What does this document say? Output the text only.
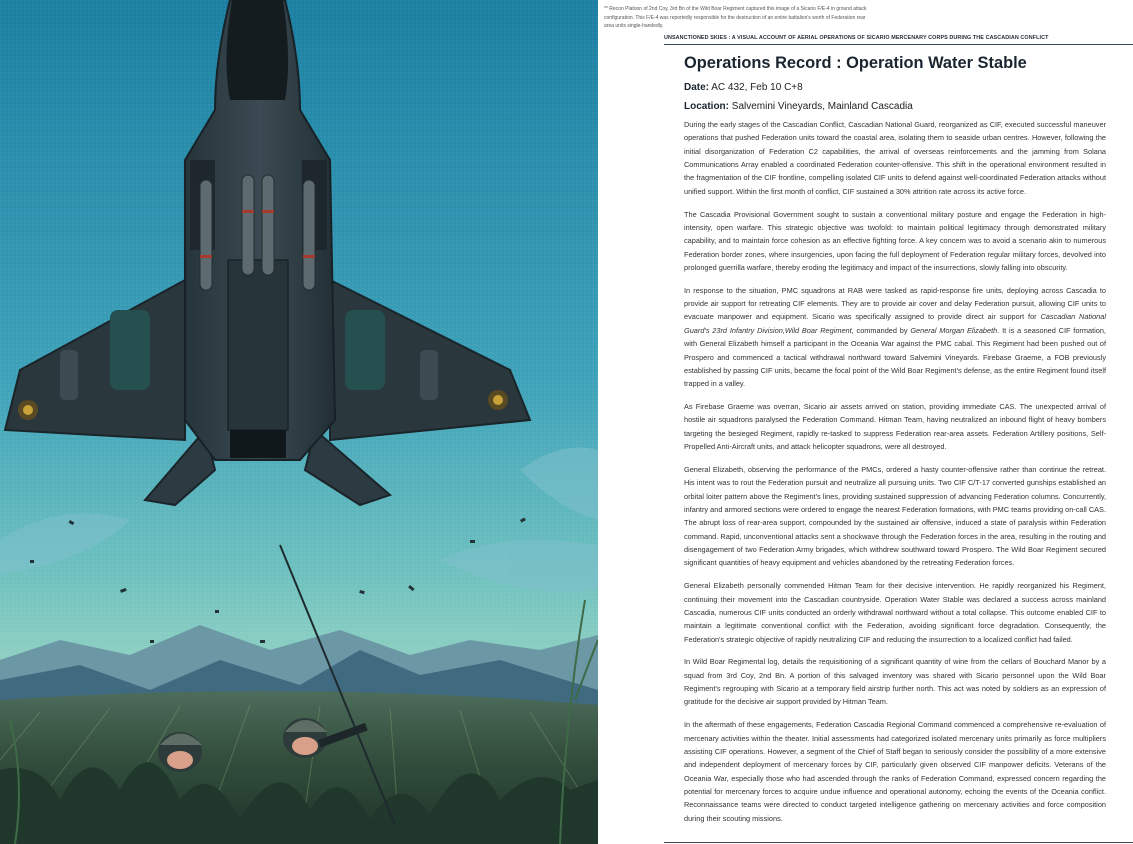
** Recon Platoon of 2nd Coy, 3rd Bn of the Wild Boar Regiment captured this image of a Sicario F/E-4 in ground attack configuration. This F/E-4 was reportedly responsible for the destruction of an entire battalion's worth of Federation rear area units single-handedly.
UNSANCTIONED SKIES : A VISUAL ACCOUNT OF AERIAL OPERATIONS OF SICARIO MERCENARY CORPS DURING THE CASCADIAN CONFLICT
Operations Record : Operation Water Stable
Date: AC 432, Feb 10 C+8
Location: Salvemini Vineyards, Mainland Cascadia

During the early stages of the Cascadian Conflict, Cascadian National Guard, reorganized as CIF, executed successful maneuver operations that pushed Federation units toward the coastal area, isolating them to seaside urban centres. However, following the initial disorganization of Federation C2 capabilities, the arrival of overseas reinforcements and the jamming from Solana Communications Array enabled a coordinated Federation counter-offensive. This shift in the operational environment resulted in the fragmentation of the CIF frontline, compelling isolated CIF units to defend against well-coordinated Federation attacks without unified support. Within the first month of conflict, CIF sustained a 30% attrition rate across its active force.

The Cascadia Provisional Government sought to sustain a conventional military posture and engage the Federation in high-intensity, open warfare. This strategic objective was twofold: to maintain political legitimacy through demonstrated military capability, and to maintain force cohesion as an effective fighting force. A key concern was to avoid a scenario akin to numerous Federation border zones, where insurgencies, upon facing the full deployment of Federation regular military forces, devolved into prolonged guerrilla warfare, thereby eroding the legitimacy and impact of the insurrections, slowly falling into obscurity.

In response to the situation, PMC squadrons at RAB were tasked as rapid-response fire units, deploying across Cascadia to provide air support for retreating CIF elements. They are to provide air cover and delay Federation pursuit, allowing CIF units to evacuate manpower and equipment. Sicario was specifically assigned to provide direct air support for Cascadian National Guard's 23rd Infantry Division,Wild Boar Regiment, commanded by General Morgan Elizabeth. It is a seasoned CIF formation, with General Elizabeth himself a participant in the Oceania War against the PMC cabal. This Regiment had been pushed out of Prospero and commenced a tactical withdrawal northward toward Salvemini Vineyards. Firebase Graeme, a FOB previously established by passing CIF units, became the focal point of the Wild Boar Regiment's defense, as the entire Regiment found itself trapped in a valley.

As Firebase Graeme was overran, Sicario air assets arrived on station, providing immediate CAS. The unexpected arrival of hostile air squadrons paralysed the Federation Command. Hitman Team, having neutralized an inbound flight of heavy bombers targeting the besieged Regiment, rapidly re-tasked to suppress Federation rear-area assets. Federation Artillery positions, Self-Propelled Anti-Aircraft units, and attack helicopter squadrons, were all destroyed.

General Elizabeth, observing the performance of the PMCs, ordered a hasty counter-offensive rather than continue the retreat. His intent was to rout the Federation pursuit and neutralize all pursuing units. Two CIF C/T-17 converted gunships established an orbital loiter pattern above the Regiment's lines, providing sustained suppression of advancing Federation columns. Concurrently, infantry and armored sections were ordered to engage the nearest Federation formations, with PMC teams providing on-call CAS. The abrupt loss of rear-area support, compounded by the sustained air offensive, induced a state of paralysis within Federation command. Rapid, unconventional attacks sent a shockwave through the Federation forces in the area, resulting in the routing and disengagement of two Federation Army brigades, which withdrew southward toward Prospero. The Wild Boar Regiment secured significant quantities of heavy equipment and vehicles abandoned by the retreating Federation forces.

General Elizabeth personally commended Hitman Team for their decisive intervention. He rapidly reorganized his Regiment, continuing their movement into the Cascadian countryside. Operation Water Stable was declared a success across mainland Cascadia, numerous CIF units conducted an orderly withdrawal northward without a total collapse. This outcome enabled CIF to maintain a legitimate conventional conflict with the Federation, avoiding significant force degradation. Consequently, the Federation's strategic objective of rapidly neutralizing CIF and reducing the insurrection to a localized conflict had failed.

In Wild Boar Regimental log, details the requisitioning of a significant quantity of wine from the cellars of Bouchard Manor by a squad from 3rd Coy, 2nd Bn. A portion of this salvaged inventory was shared with Sicario personnel upon the Wild Boar Regiment's regrouping with Sicario at a temporary field airstrip further north. This act was noted by soldiers as an expression of gratitude for the decisive air support provided by Hitman Team.

In the aftermath of these engagements, Federation Cascadia Regional Command commenced a comprehensive re-evaluation of mercenary activities within the theater. Initial assessments had categorized isolated mercenary units primarily as force multipliers assisting CIF operations. However, a segment of the Chief of Staff began to seriously consider the possibility of a more extensive and independent deployment of mercenary forces by CIF, particularly given observed CIF manpower deficits. Veterans of the Oceania War, especially those who had ascended through the ranks of Federation Command, expressed concern regarding the potential for mercenary forces to acquire undue influence and operational autonomy, echoing the events of the Oceania conflict. Reconnaissance teams were directed to conduct targeted intelligence gathering on mercenary activities and force composition during their scouting missions.
